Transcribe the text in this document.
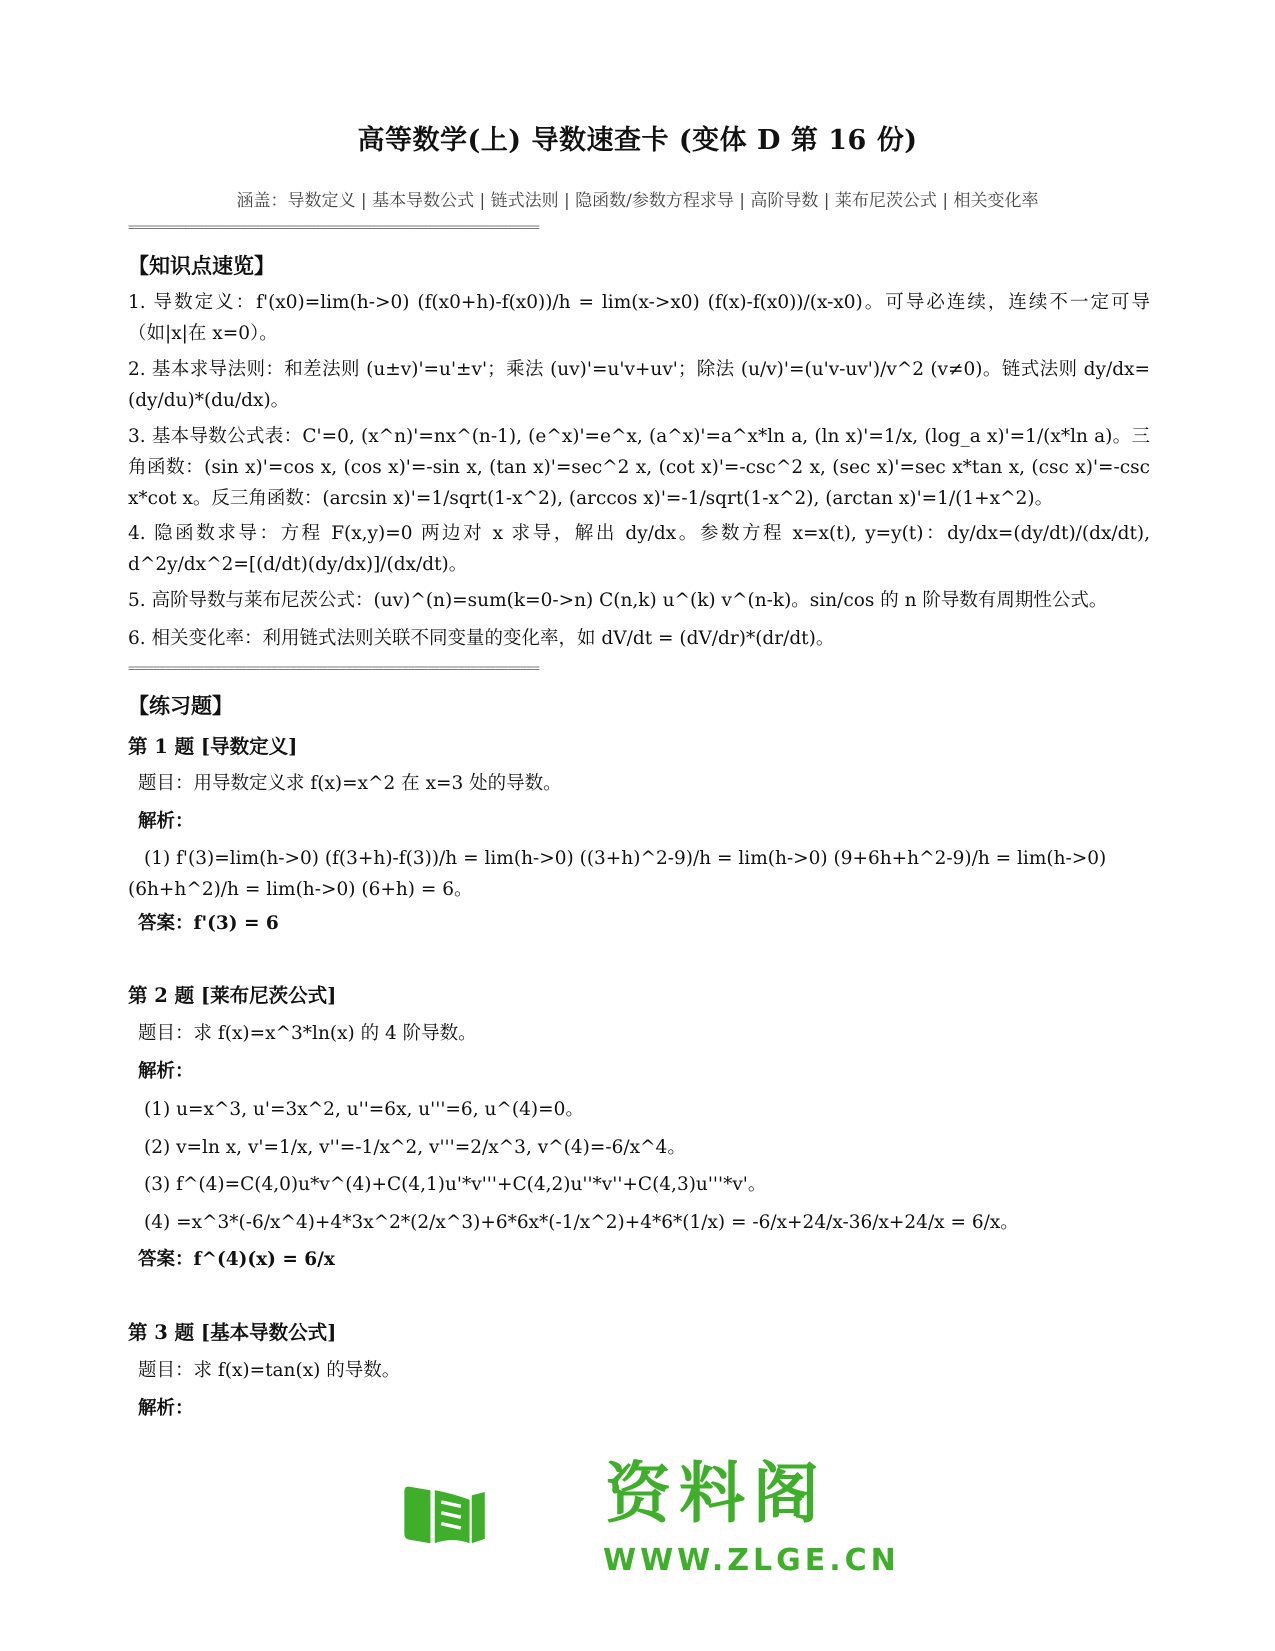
高等数学(上) 导数速查卡 (变体 D 第 16 份)
涵盖：导数定义 | 基本导数公式 | 链式法则 | 隐函数/参数方程求导 | 高阶导数 | 莱布尼茨公式 | 相关变化率
==================================================================
【知识点速览】
1. 导数定义：f'(x0)=lim(h->0) (f(x0+h)-f(x0))/h = lim(x->x0) (f(x)-f(x0))/(x-x0)。可导必连续，连续不一定可导（如|x|在 x=0）。
2. 基本求导法则：和差法则 (u±v)'=u'±v'；乘法 (uv)'=u'v+uv'；除法 (u/v)'=(u'v-uv')/v^2 (v≠0)。链式法则 dy/dx=(dy/du)*(du/dx)。
3. 基本导数公式表：C'=0, (x^n)'=nx^(n-1), (e^x)'=e^x, (a^x)'=a^x*ln a, (ln x)'=1/x, (log_a x)'=1/(x*ln a)。三角函数：(sin x)'=cos x, (cos x)'=-sin x, (tan x)'=sec^2 x, (cot x)'=-csc^2 x, (sec x)'=sec x*tan x, (csc x)'=-csc x*cot x。反三角函数：(arcsin x)'=1/sqrt(1-x^2), (arccos x)'=-1/sqrt(1-x^2), (arctan x)'=1/(1+x^2)。
4. 隐函数求导：方程 F(x,y)=0 两边对 x 求导，解出 dy/dx。参数方程 x=x(t), y=y(t)：dy/dx=(dy/dt)/(dx/dt), d^2y/dx^2=[(d/dt)(dy/dx)]/(dx/dt)。
5. 高阶导数与莱布尼茨公式：(uv)^(n)=sum(k=0->n) C(n,k) u^(k) v^(n-k)。sin/cos 的 n 阶导数有周期性公式。
6. 相关变化率：利用链式法则关联不同变量的变化率，如 dV/dt = (dV/dr)*(dr/dt)。
==================================================================
【练习题】
第 1 题 [导数定义]
题目：用导数定义求 f(x)=x^2 在 x=3 处的导数。
解析：
(1) f'(3)=lim(h->0) (f(3+h)-f(3))/h = lim(h->0) ((3+h)^2-9)/h = lim(h->0) (9+6h+h^2-9)/h = lim(h->0) (6h+h^2)/h = lim(h->0) (6+h) = 6。
答案：f'(3) = 6
第 2 题 [莱布尼茨公式]
题目：求 f(x)=x^3*ln(x) 的 4 阶导数。
解析：
(1) u=x^3, u'=3x^2, u''=6x, u'''=6, u^(4)=0。
(2) v=ln x, v'=1/x, v''=-1/x^2, v'''=2/x^3, v^(4)=-6/x^4。
(3) f^(4)=C(4,0)u*v^(4)+C(4,1)u'*v'''+C(4,2)u''*v''+C(4,3)u'''*v'。
(4) =x^3*(-6/x^4)+4*3x^2*(2/x^3)+6*6x*(-1/x^2)+4*6*(1/x) = -6/x+24/x-36/x+24/x = 6/x。
答案：f^(4)(x) = 6/x
第 3 题 [基本导数公式]
题目：求 f(x)=tan(x) 的导数。
解析：
资料阁
WWW.ZLGE.CN
